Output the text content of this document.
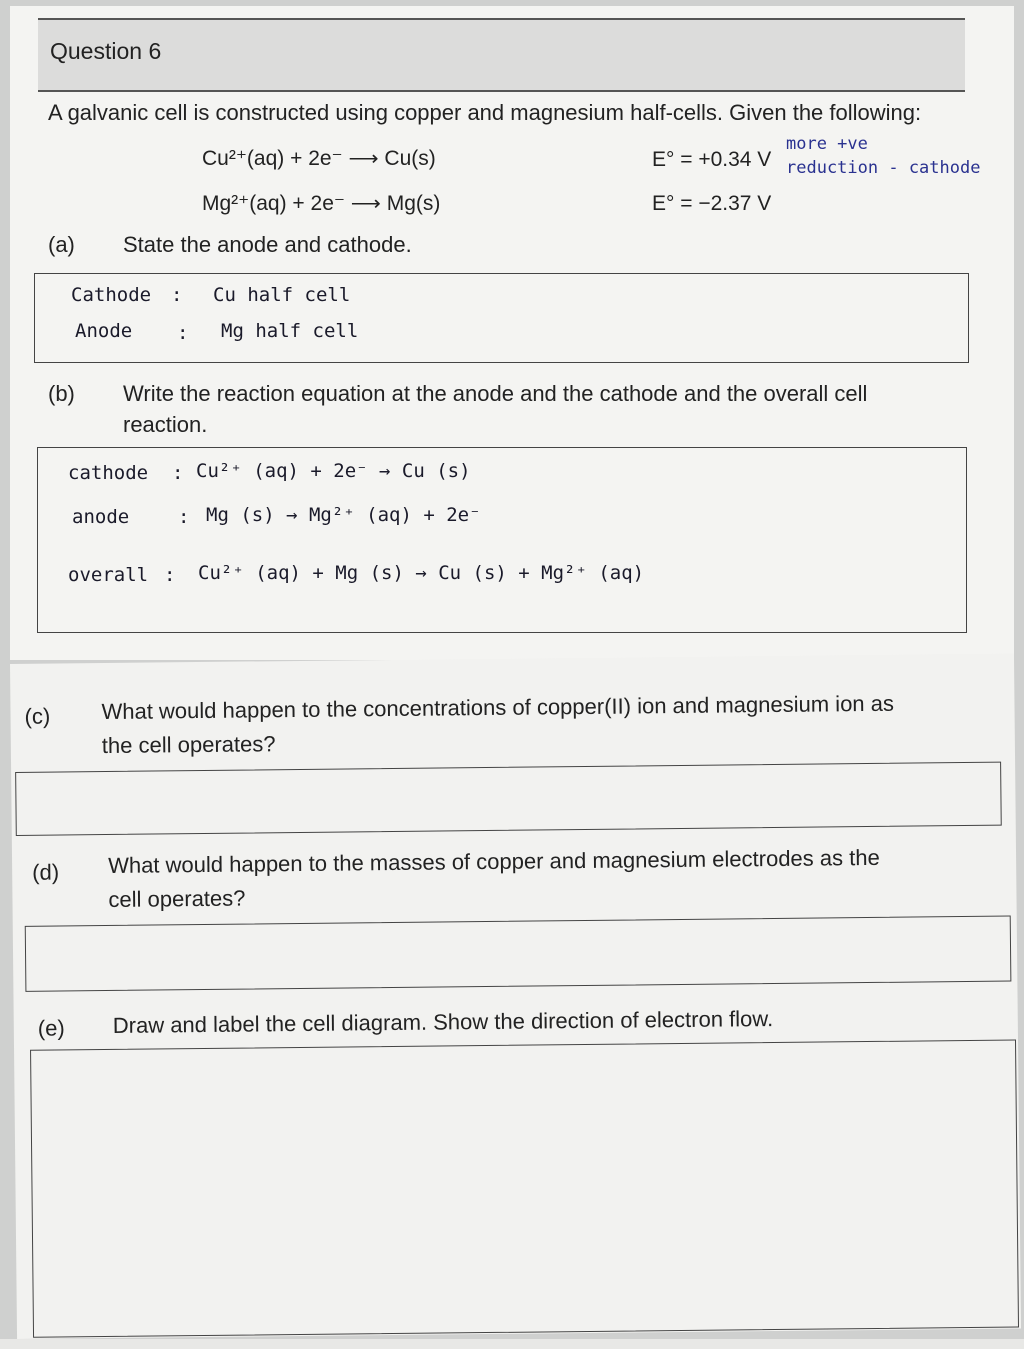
Question 6
A galvanic cell is constructed using copper and magnesium half-cells. Given the following:
Cu²⁺(aq) + 2e⁻ ⟶ Cu(s)	E° = +0.34 V
Mg²⁺(aq) + 2e⁻ ⟶ Mg(s)	E° = −2.37 V
more +ve
reduction - cathode
(a) State the anode and cathode.
Cathode : Cu half cell
Anode : Mg half cell
(b) Write the reaction equation at the anode and the cathode and the overall cell
reaction.
cathode : Cu²⁺ (aq) + 2e⁻ → Cu (s)
anode	: Mg (s) → Mg²⁺ (aq) + 2e⁻
overall : Cu²⁺ (aq) + Mg (s) → Cu (s) + Mg²⁺ (aq)
(c) What would happen to the concentrations of copper(II) ion and magnesium ion as
the cell operates?
(d) What would happen to the masses of copper and magnesium electrodes as the
cell operates?
(e) Draw and label the cell diagram. Show the direction of electron flow.
